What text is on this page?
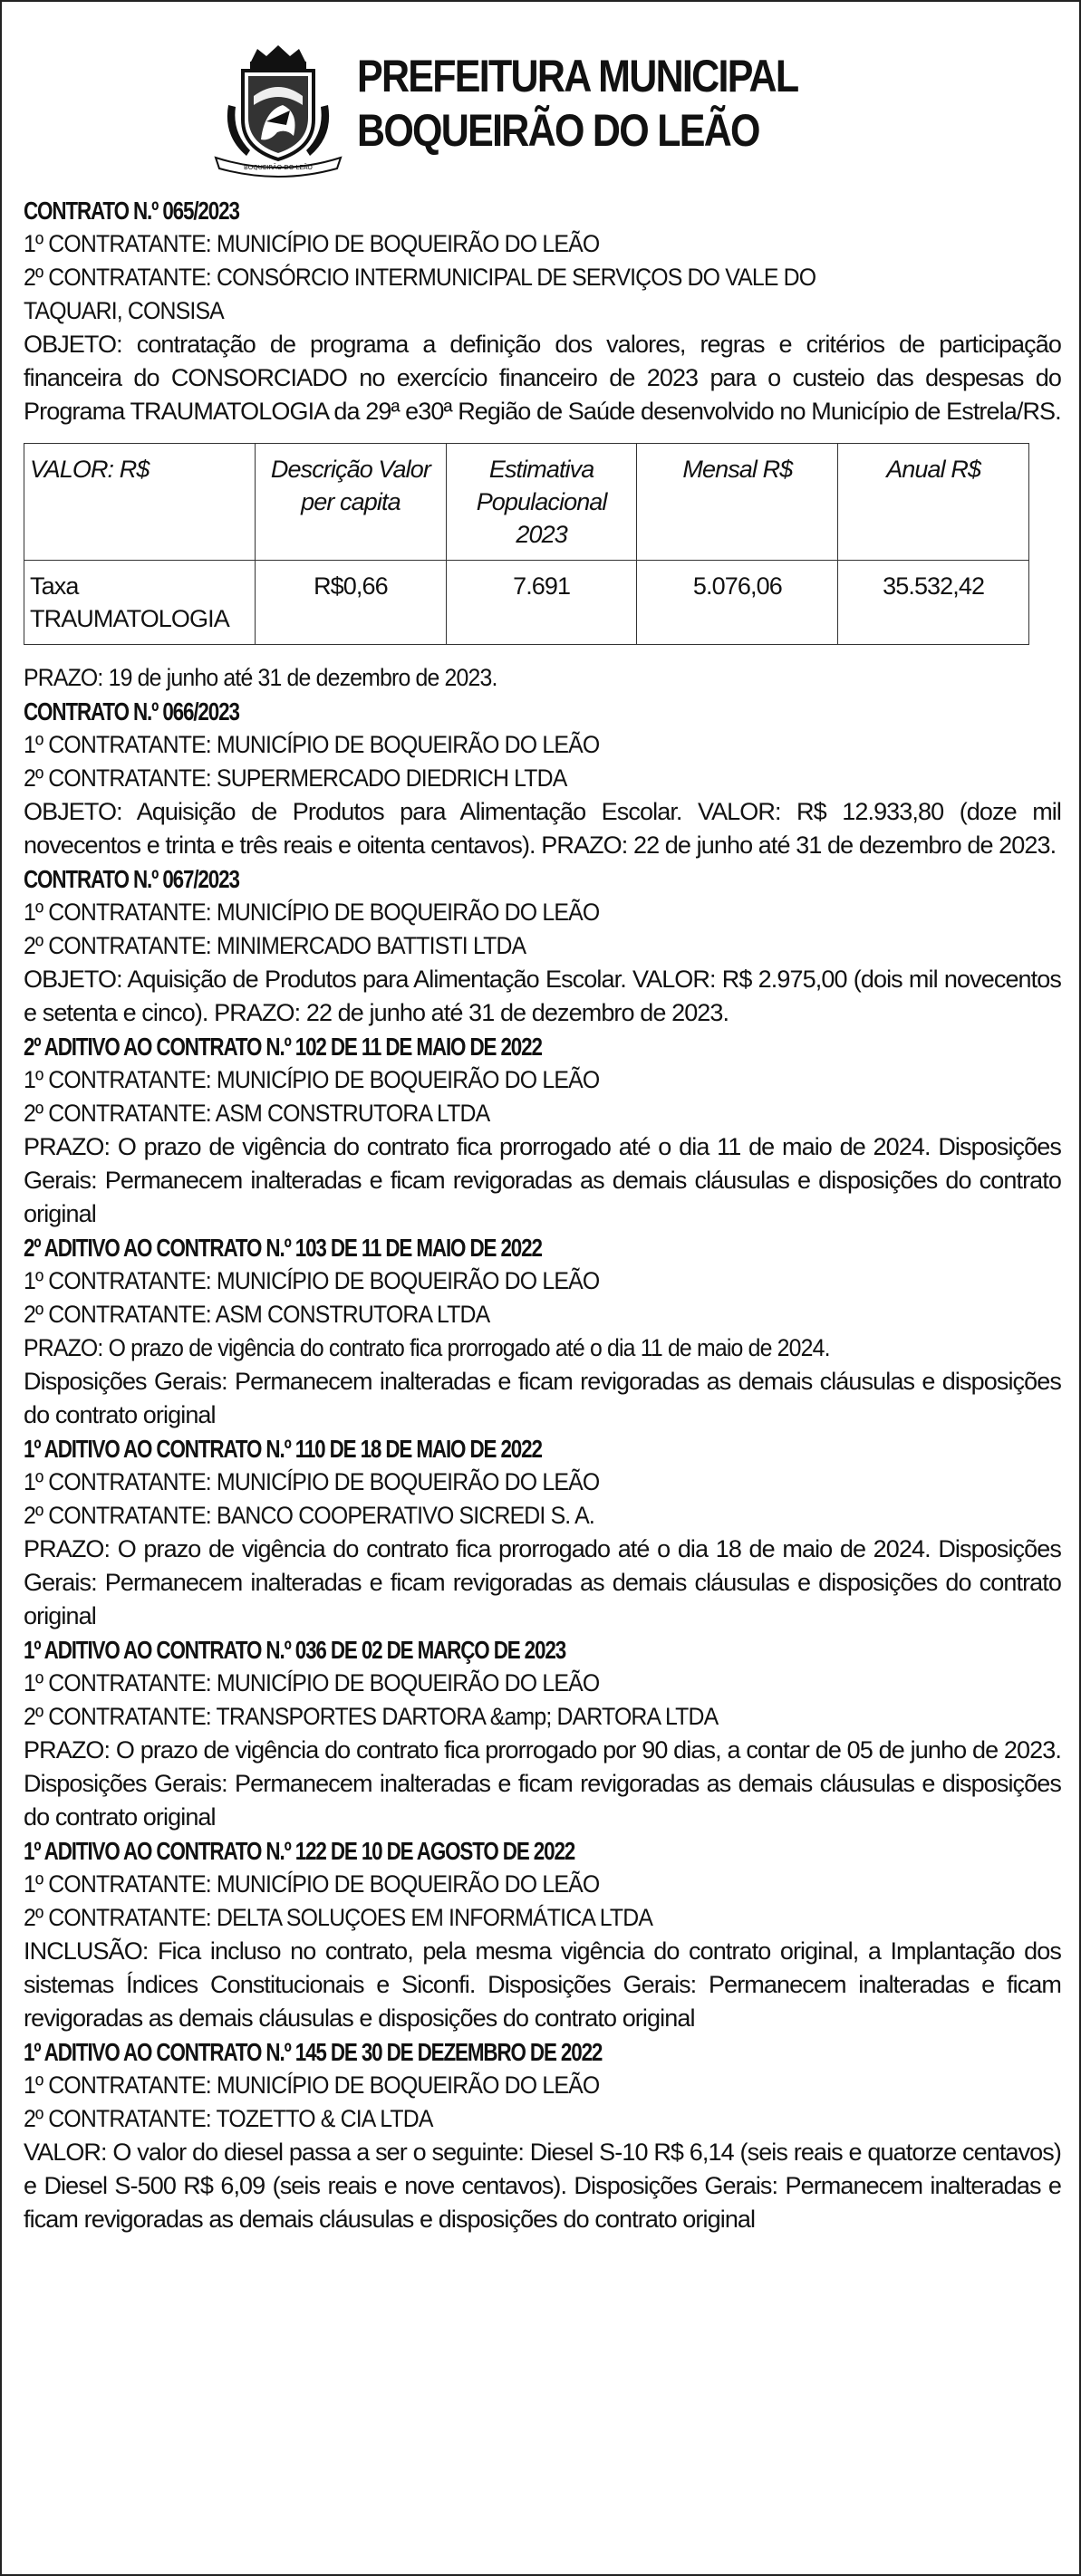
BOQUEIRÃO DO LEÃO
PREFEITURA MUNICIPAL
BOQUEIRÃO DO LEÃO
CONTRATO N.º 065/2023
1º CONTRATANTE: MUNICÍPIO DE BOQUEIRÃO DO LEÃO
2º CONTRATANTE: CONSÓRCIO INTERMUNICIPAL DE SERVIÇOS DO VALE DO
TAQUARI, CONSISA
OBJETO: contratação de programa a definição dos valores, regras e critérios de participação financeira do CONSORCIADO no exercício financeiro de 2023 para o custeio das despesas do Programa TRAUMATOLOGIA da 29ª e30ª Região de Saúde desenvolvido no Município de Estrela/RS.
VALOR: R$	Descrição Valor per capita	Estimativa Populacional 2023	Mensal R$	Anual R$
Taxa TRAUMATOLOGIA	R$0,66	7.691	5.076,06	35.532,42
PRAZO: 19 de junho até 31 de dezembro de 2023.
CONTRATO N.º 066/2023
1º CONTRATANTE: MUNICÍPIO DE BOQUEIRÃO DO LEÃO
2º CONTRATANTE: SUPERMERCADO DIEDRICH LTDA
OBJETO: Aquisição de Produtos para Alimentação Escolar. VALOR: R$ 12.933,80 (doze mil novecentos e trinta e três reais e oitenta centavos). PRAZO: 22 de junho até 31 de dezembro de 2023.
CONTRATO N.º 067/2023
1º CONTRATANTE: MUNICÍPIO DE BOQUEIRÃO DO LEÃO
2º CONTRATANTE: MINIMERCADO BATTISTI LTDA
OBJETO: Aquisição de Produtos para Alimentação Escolar. VALOR: R$ 2.975,00 (dois mil novecentos e setenta e cinco). PRAZO: 22 de junho até 31 de dezembro de 2023.
2º ADITIVO AO CONTRATO N.º 102 DE 11 DE MAIO DE 2022
1º CONTRATANTE: MUNICÍPIO DE BOQUEIRÃO DO LEÃO
2º CONTRATANTE: ASM CONSTRUTORA LTDA
PRAZO: O prazo de vigência do contrato fica prorrogado até o dia 11 de maio de 2024. Disposições Gerais: Permanecem inalteradas e ficam revigoradas as demais cláusulas e disposições do contrato original
2º ADITIVO AO CONTRATO N.º 103 DE 11 DE MAIO DE 2022
1º CONTRATANTE: MUNICÍPIO DE BOQUEIRÃO DO LEÃO
2º CONTRATANTE: ASM CONSTRUTORA LTDA
PRAZO: O prazo de vigência do contrato fica prorrogado até o dia 11 de maio de 2024.
Disposições Gerais: Permanecem inalteradas e ficam revigoradas as demais cláusulas e disposições do contrato original
1º ADITIVO AO CONTRATO N.º 110 DE 18 DE MAIO DE 2022
1º CONTRATANTE: MUNICÍPIO DE BOQUEIRÃO DO LEÃO
2º CONTRATANTE: BANCO COOPERATIVO SICREDI S. A.
PRAZO: O prazo de vigência do contrato fica prorrogado até o dia 18 de maio de 2024. Disposições Gerais: Permanecem inalteradas e ficam revigoradas as demais cláusulas e disposições do contrato original
1º ADITIVO AO CONTRATO N.º 036 DE 02 DE MARÇO DE 2023
1º CONTRATANTE: MUNICÍPIO DE BOQUEIRÃO DO LEÃO
2º CONTRATANTE: TRANSPORTES DARTORA &amp; DARTORA LTDA
PRAZO: O prazo de vigência do contrato fica prorrogado por 90 dias, a contar de 05 de junho de 2023. Disposições Gerais: Permanecem inalteradas e ficam revigoradas as demais cláusulas e disposições do contrato original
1º ADITIVO AO CONTRATO N.º 122 DE 10 DE AGOSTO DE 2022
1º CONTRATANTE: MUNICÍPIO DE BOQUEIRÃO DO LEÃO
2º CONTRATANTE: DELTA SOLUÇOES EM INFORMÁTICA LTDA
INCLUSÃO: Fica incluso no contrato, pela mesma vigência do contrato original, a Implantação dos sistemas Índices Constitucionais e Siconfi. Disposições Gerais: Permanecem inalteradas e ficam revigoradas as demais cláusulas e disposições do contrato original
1º ADITIVO AO CONTRATO N.º 145 DE 30 DE DEZEMBRO DE 2022
1º CONTRATANTE: MUNICÍPIO DE BOQUEIRÃO DO LEÃO
2º CONTRATANTE: TOZETTO & CIA LTDA
VALOR: O valor do diesel passa a ser o seguinte: Diesel S-10 R$ 6,14 (seis reais e quatorze centavos) e Diesel S-500 R$ 6,09 (seis reais e nove centavos). Disposições Gerais: Permanecem inalteradas e ficam revigoradas as demais cláusulas e disposições do contrato original
